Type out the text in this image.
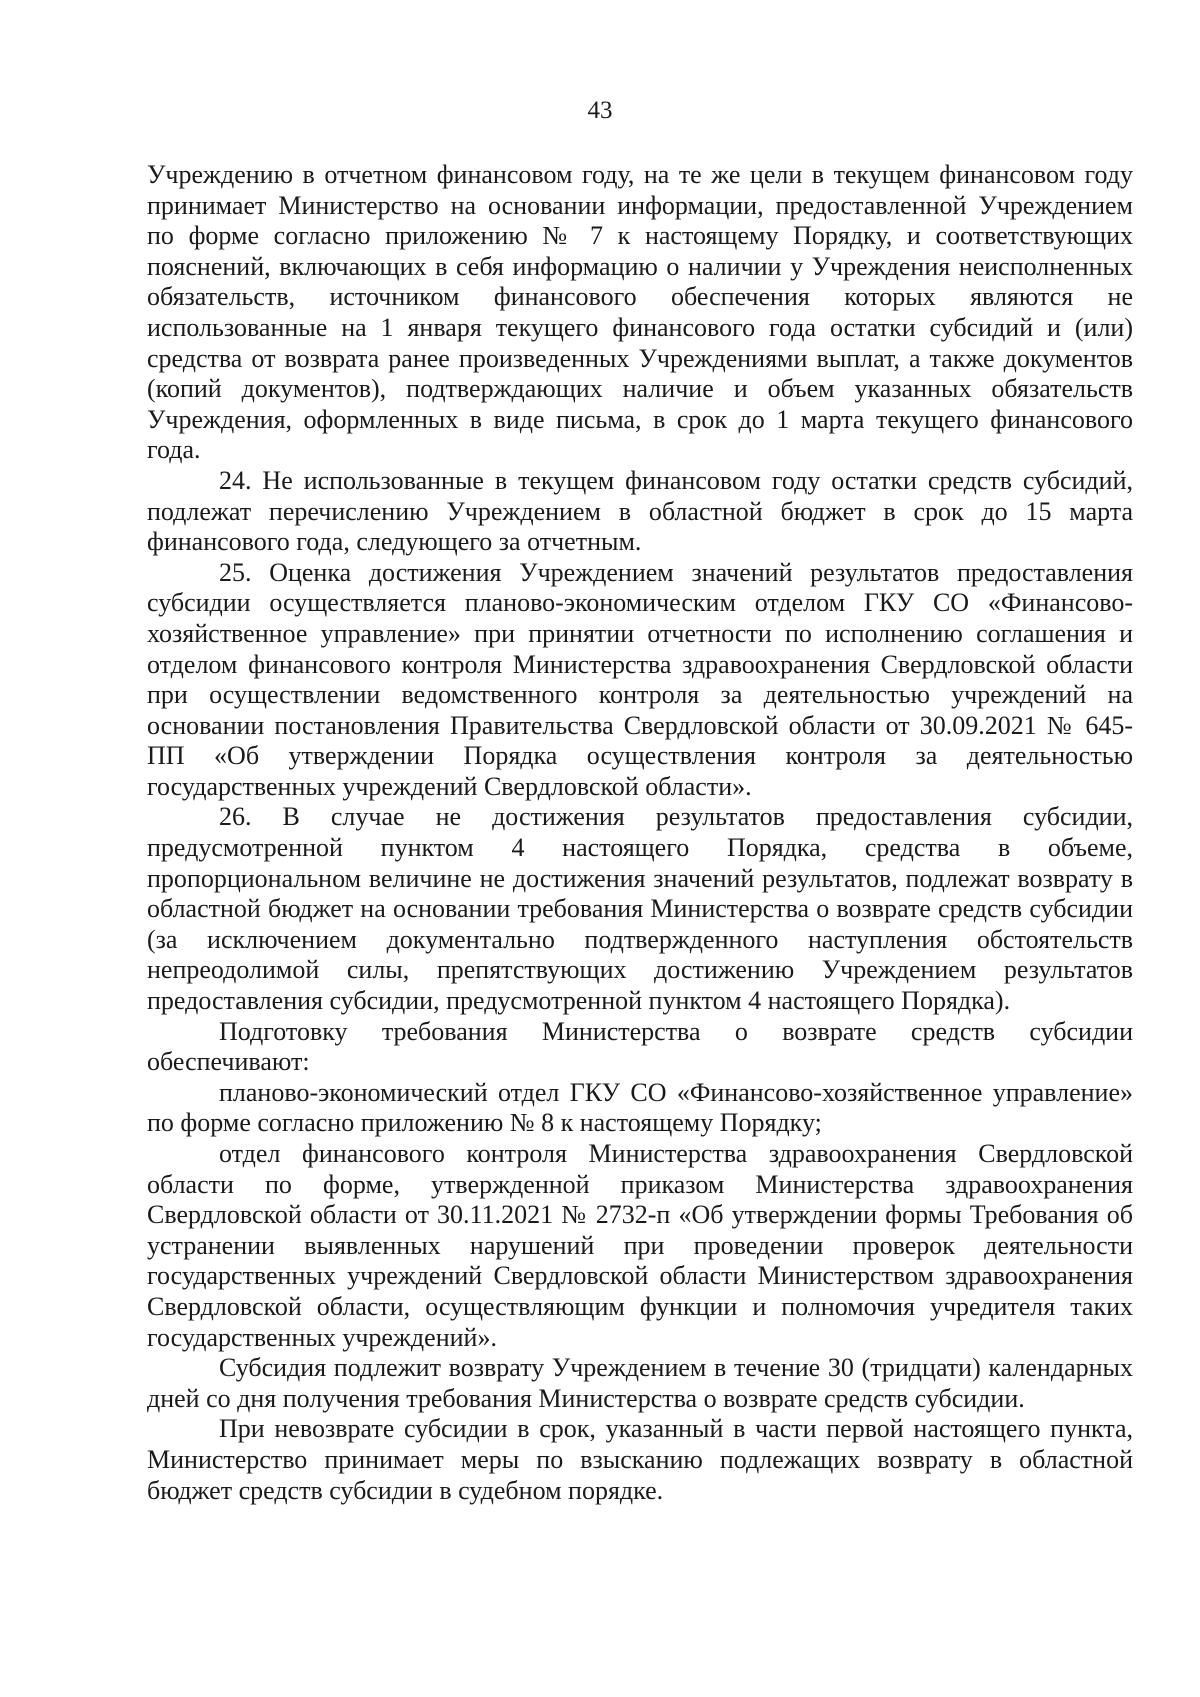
43

Учреждению в отчетном финансовом году, на те же цели в текущем финансовом году принимает Министерство на основании информации, предоставленной Учреждением по форме согласно приложению № 7 к настоящему Порядку, и соответствующих пояснений, включающих в себя информацию о наличии у Учреждения неисполненных обязательств, источником финансового обеспечения которых являются не использованные на 1 января текущего финансового года остатки субсидий и (или) средства от возврата ранее произведенных Учреждениями выплат, а также документов (копий документов), подтверждающих наличие и объем указанных обязательств Учреждения, оформленных в виде письма, в срок до 1 марта текущего финансового года.

24. Не использованные в текущем финансовом году остатки средств субсидий, подлежат перечислению Учреждением в областной бюджет в срок до 15 марта финансового года, следующего за отчетным.

25. Оценка достижения Учреждением значений результатов предоставления субсидии осуществляется планово-экономическим отделом ГКУ СО «Финансово-хозяйственное управление» при принятии отчетности по исполнению соглашения и отделом финансового контроля Министерства здравоохранения Свердловской области при осуществлении ведомственного контроля за деятельностью учреждений на основании постановления Правительства Свердловской области от 30.09.2021 № 645-ПП «Об утверждении Порядка осуществления контроля за деятельностью государственных учреждений Свердловской области».

26. В случае не достижения результатов предоставления субсидии, предусмотренной пунктом 4 настоящего Порядка, средства в объеме, пропорциональном величине не достижения значений результатов, подлежат возврату в областной бюджет на основании требования Министерства о возврате средств субсидии (за исключением документально подтвержденного наступления обстоятельств непреодолимой силы, препятствующих достижению Учреждением результатов предоставления субсидии, предусмотренной пунктом 4 настоящего Порядка).

Подготовку требования Министерства о возврате средств субсидии обеспечивают:

планово-экономический отдел ГКУ СО «Финансово-хозяйственное управление» по форме согласно приложению № 8 к настоящему Порядку;

отдел финансового контроля Министерства здравоохранения Свердловской области по форме, утвержденной приказом Министерства здравоохранения Свердловской области от 30.11.2021 № 2732-п «Об утверждении формы Требования об устранении выявленных нарушений при проведении проверок деятельности государственных учреждений Свердловской области Министерством здравоохранения Свердловской области, осуществляющим функции и полномочия учредителя таких государственных учреждений».

Субсидия подлежит возврату Учреждением в течение 30 (тридцати) календарных дней со дня получения требования Министерства о возврате средств субсидии.

При невозврате субсидии в срок, указанный в части первой настоящего пункта, Министерство принимает меры по взысканию подлежащих возврату в областной бюджет средств субсидии в судебном порядке.
